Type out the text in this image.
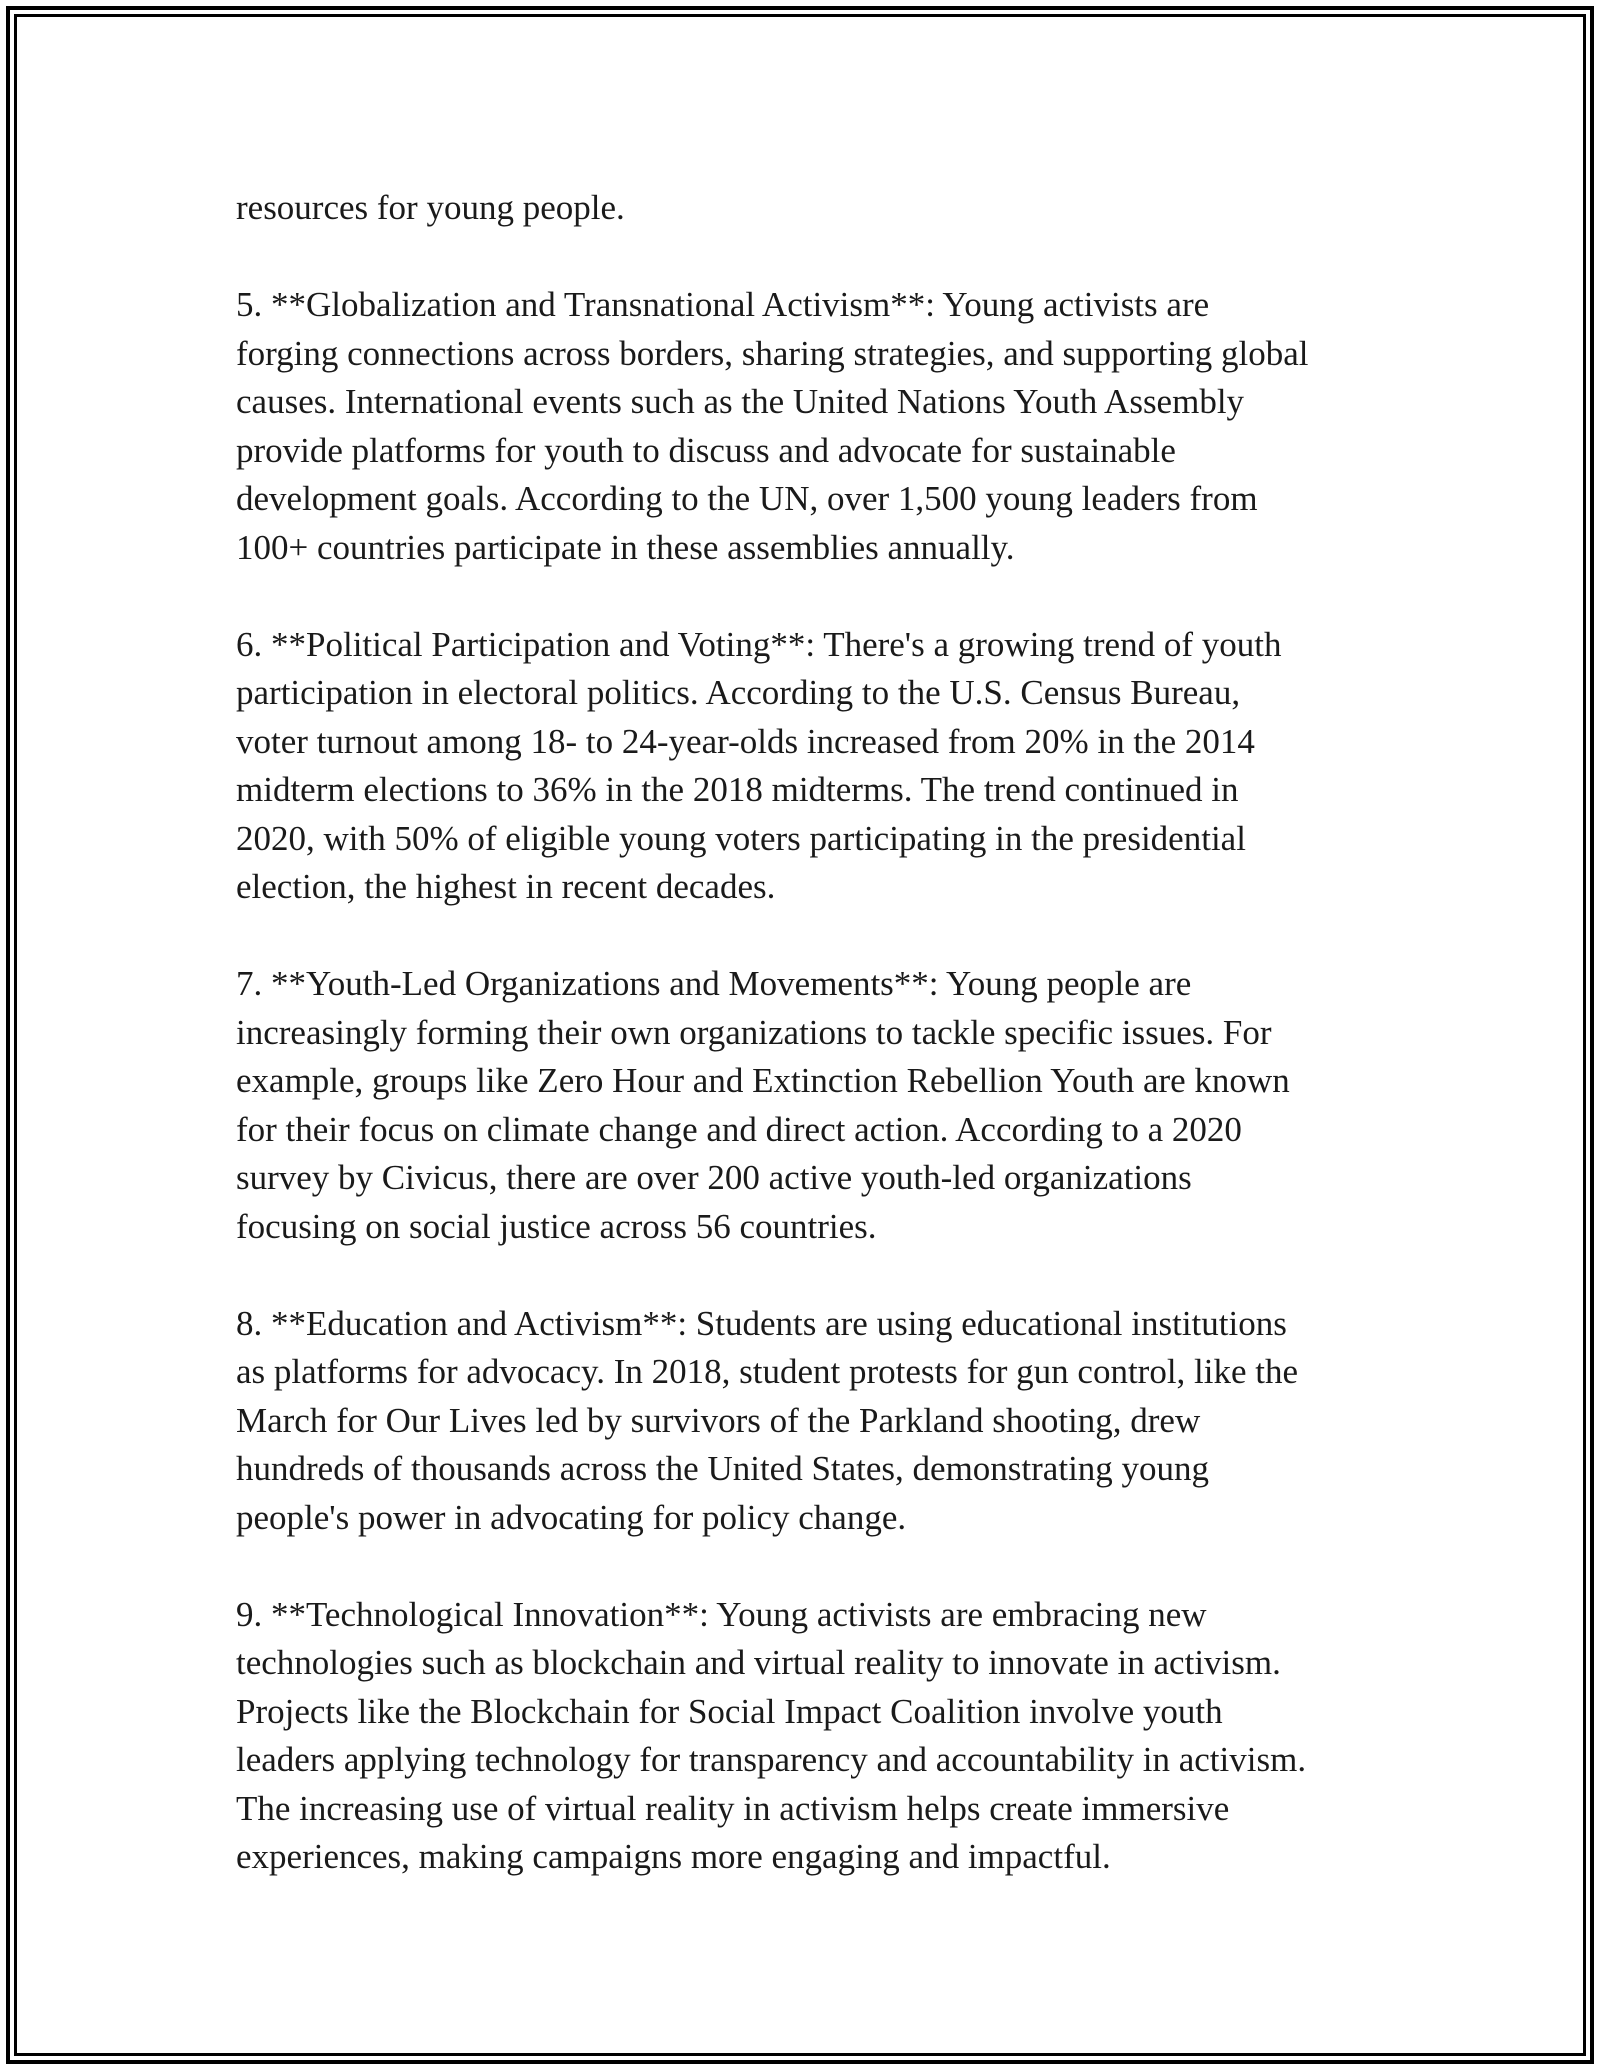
resources for young people.

5. **Globalization and Transnational Activism**: Young activists are
forging connections across borders, sharing strategies, and supporting global
causes. International events such as the United Nations Youth Assembly
provide platforms for youth to discuss and advocate for sustainable
development goals. According to the UN, over 1,500 young leaders from
100+ countries participate in these assemblies annually.

6. **Political Participation and Voting**: There's a growing trend of youth
participation in electoral politics. According to the U.S. Census Bureau,
voter turnout among 18- to 24-year-olds increased from 20% in the 2014
midterm elections to 36% in the 2018 midterms. The trend continued in
2020, with 50% of eligible young voters participating in the presidential
election, the highest in recent decades.

7. **Youth-Led Organizations and Movements**: Young people are
increasingly forming their own organizations to tackle specific issues. For
example, groups like Zero Hour and Extinction Rebellion Youth are known
for their focus on climate change and direct action. According to a 2020
survey by Civicus, there are over 200 active youth-led organizations
focusing on social justice across 56 countries.

8. **Education and Activism**: Students are using educational institutions
as platforms for advocacy. In 2018, student protests for gun control, like the
March for Our Lives led by survivors of the Parkland shooting, drew
hundreds of thousands across the United States, demonstrating young
people's power in advocating for policy change.

9. **Technological Innovation**: Young activists are embracing new
technologies such as blockchain and virtual reality to innovate in activism.
Projects like the Blockchain for Social Impact Coalition involve youth
leaders applying technology for transparency and accountability in activism.
The increasing use of virtual reality in activism helps create immersive
experiences, making campaigns more engaging and impactful.
